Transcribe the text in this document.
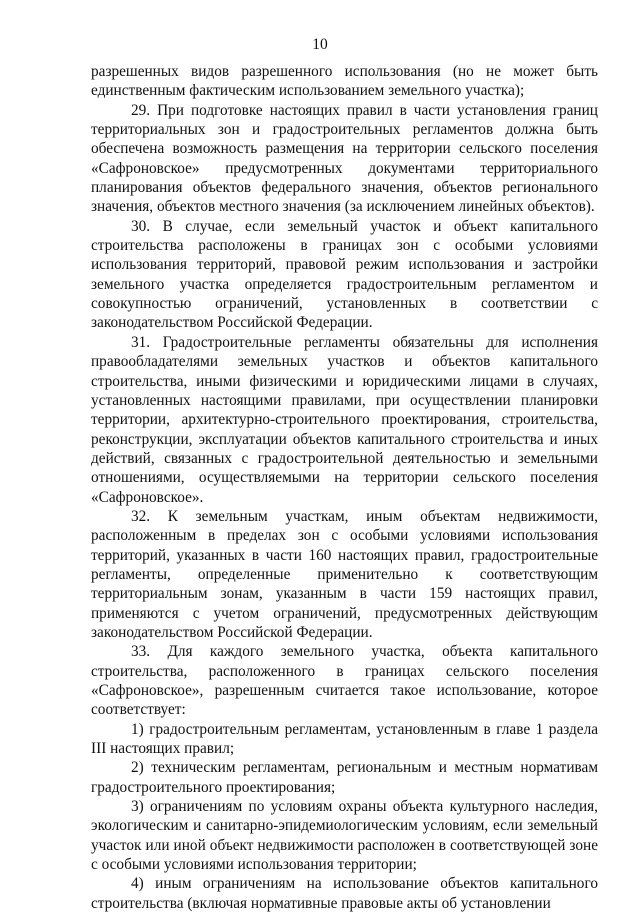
10

разрешенных видов разрешенного использования (но не может быть единственным фактическим использованием земельного участка);

29. При подготовке настоящих правил в части установления границ территориальных зон и градостроительных регламентов должна быть обеспечена возможность размещения на территории сельского поселения «Сафроновское» предусмотренных документами территориального планирования объектов федерального значения, объектов регионального значения, объектов местного значения (за исключением линейных объектов).

30. В случае, если земельный участок и объект капитального строительства расположены в границах зон с особыми условиями использования территорий, правовой режим использования и застройки земельного участка определяется градостроительным регламентом и совокупностью ограничений, установленных в соответствии с законодательством Российской Федерации.

31. Градостроительные регламенты обязательны для исполнения правообладателями земельных участков и объектов капитального строительства, иными физическими и юридическими лицами в случаях, установленных настоящими правилами, при осуществлении планировки территории, архитектурно-строительного проектирования, строительства, реконструкции, эксплуатации объектов капитального строительства и иных действий, связанных с градостроительной деятельностью и земельными отношениями, осуществляемыми на территории сельского поселения «Сафроновское».

32. К земельным участкам, иным объектам недвижимости, расположенным в пределах зон с особыми условиями использования территорий, указанных в части 160 настоящих правил, градостроительные регламенты, определенные применительно к соответствующим территориальным зонам, указанным в части 159 настоящих правил, применяются с учетом ограничений, предусмотренных действующим законодательством Российской Федерации.

33. Для каждого земельного участка, объекта капитального строительства, расположенного в границах сельского поселения «Сафроновское», разрешенным считается такое использование, которое соответствует:

1) градостроительным регламентам, установленным в главе 1 раздела III настоящих правил;

2) техническим регламентам, региональным и местным нормативам градостроительного проектирования;

3) ограничениям по условиям охраны объекта культурного наследия, экологическим и санитарно-эпидемиологическим условиям, если земельный участок или иной объект недвижимости расположен в соответствующей зоне с особыми условиями использования территории;

4) иным ограничениям на использование объектов капитального строительства (включая нормативные правовые акты об установлении
